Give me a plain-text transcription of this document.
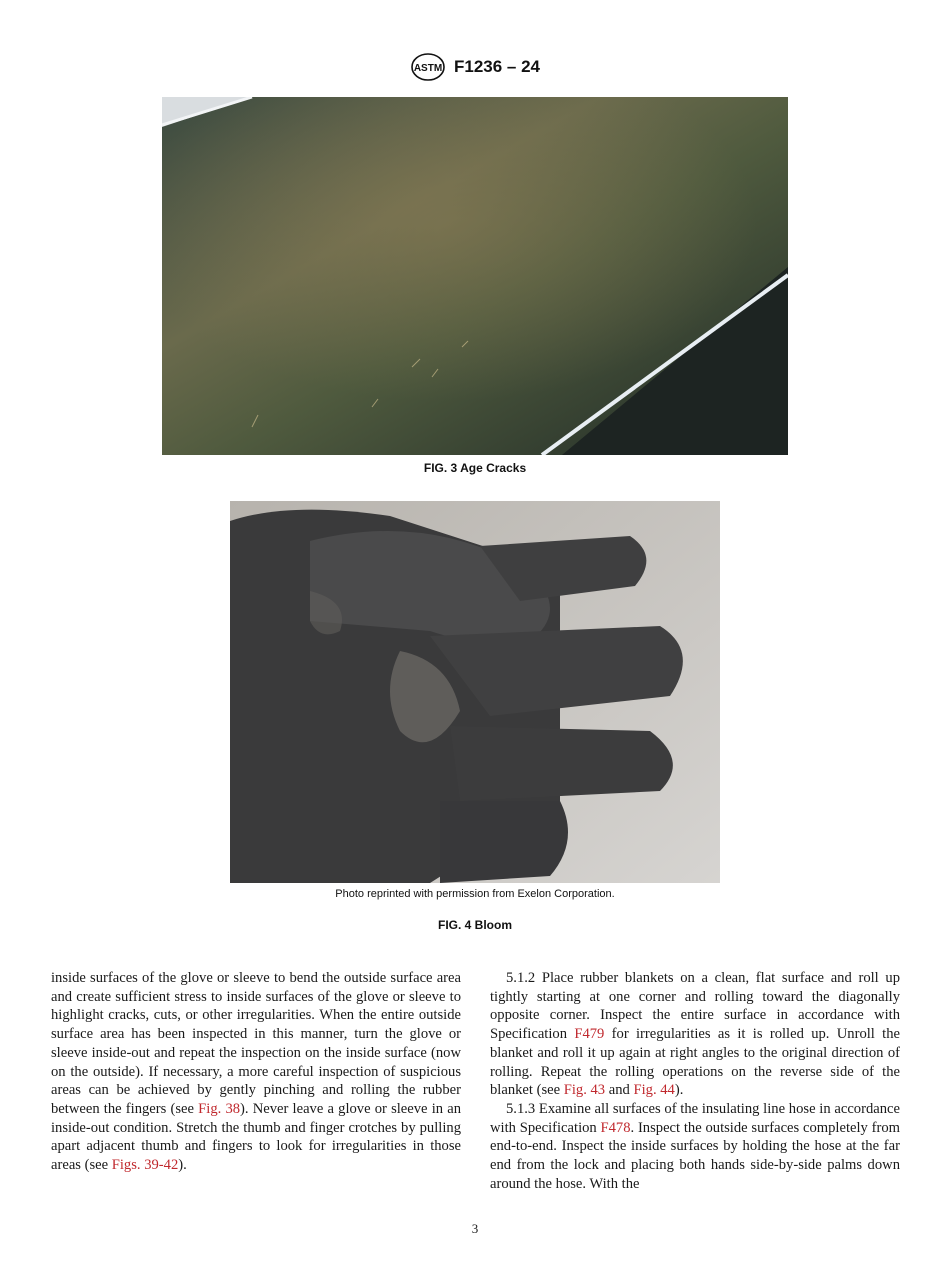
ASTM F1236 – 24
FIG. 3 Age Cracks
Photo reprinted with permission from Exelon Corporation.
FIG. 4 Bloom

inside surfaces of the glove or sleeve to bend the outside surface area and create sufficient stress to inside surfaces of the glove or sleeve to highlight cracks, cuts, or other irregularities. When the entire outside surface area has been inspected in this manner, turn the glove or sleeve inside-out and repeat the inspection on the inside surface (now on the outside). If necessary, a more careful inspection of suspicious areas can be achieved by gently pinching and rolling the rubber between the fingers (see Fig. 38). Never leave a glove or sleeve in an inside-out condition. Stretch the thumb and finger crotches by pulling apart adjacent thumb and fingers to look for irregularities in those areas (see Figs. 39-42).

5.1.2 Place rubber blankets on a clean, flat surface and roll up tightly starting at one corner and rolling toward the diagonally opposite corner. Inspect the entire surface in accordance with Specification F479 for irregularities as it is rolled up. Unroll the blanket and roll it up again at right angles to the original direction of rolling. Repeat the rolling operations on the reverse side of the blanket (see Fig. 43 and Fig. 44).

5.1.3 Examine all surfaces of the insulating line hose in accordance with Specification F478. Inspect the outside surfaces completely from end-to-end. Inspect the inside surfaces by holding the hose at the far end from the lock and placing both hands side-by-side palms down around the hose. With the

3
